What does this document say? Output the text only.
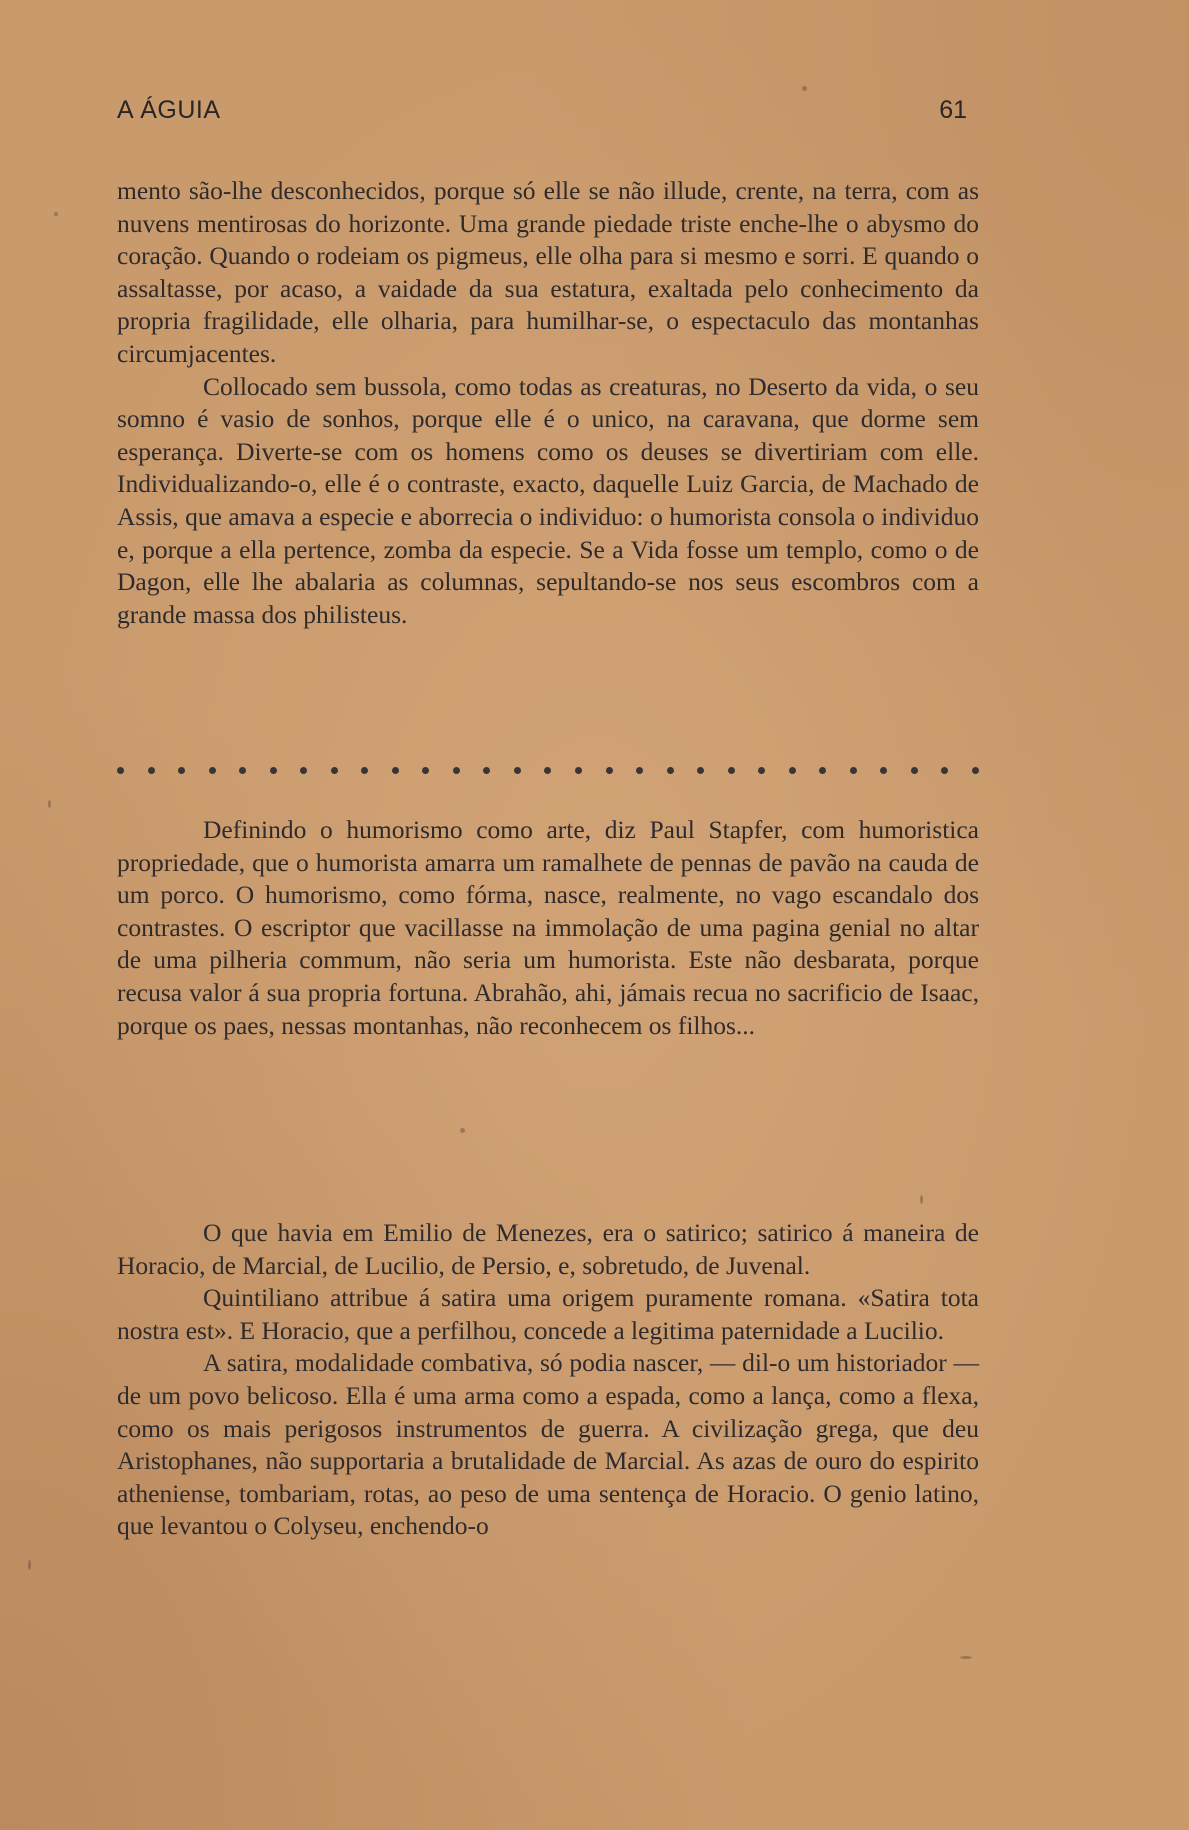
A ÁGUIA	61

mento são-lhe desconhecidos, porque só elle se não illude, crente, na terra, com as nuvens mentirosas do horizonte. Uma grande piedade triste enche-lhe o abysmo do coração. Quando o rodeiam os pigmeus, elle olha para si mesmo e sorri. E quando o assaltasse, por acaso, a vaidade da sua estatura, exaltada pelo conhecimento da propria fragilidade, elle olharia, para humilhar-se, o espectaculo das montanhas circumjacentes.

Collocado sem bussola, como todas as creaturas, no Deserto da vida, o seu somno é vasio de sonhos, porque elle é o unico, na caravana, que dorme sem esperança. Diverte-se com os homens como os deuses se divertiriam com elle. Individualizando-o, elle é o contraste, exacto, daquelle Luiz Garcia, de Machado de Assis, que amava a especie e aborrecia o individuo: o humorista consola o individuo e, porque a ella pertence, zomba da especie. Se a Vida fosse um templo, como o de Dagon, elle lhe abalaria as columnas, sepultando-se nos seus escombros com a grande massa dos philisteus.

Definindo o humorismo como arte, diz Paul Stapfer, com humoristica propriedade, que o humorista amarra um ramalhete de pennas de pavão na cauda de um porco. O humorismo, como fórma, nasce, realmente, no vago escandalo dos contrastes. O escriptor que vacillasse na immolação de uma pagina genial no altar de uma pilheria commum, não seria um humorista. Este não desbarata, porque recusa valor á sua propria fortuna. Abrahão, ahi, jámais recua no sacrificio de Isaac, porque os paes, nessas montanhas, não reconhecem os filhos...

O que havia em Emilio de Menezes, era o satirico; satirico á maneira de Horacio, de Marcial, de Lucilio, de Persio, e, sobretudo, de Juvenal.

Quintiliano attribue á satira uma origem puramente romana. «Satira tota nostra est». E Horacio, que a perfilhou, concede a legitima paternidade a Lucilio.

A satira, modalidade combativa, só podia nascer, — dil-o um historiador — de um povo belicoso. Ella é uma arma como a espada, como a lança, como a flexa, como os mais perigosos instrumentos de guerra. A civilização grega, que deu Aristophanes, não supportaria a brutalidade de Marcial. As azas de ouro do espirito atheniense, tombariam, rotas, ao peso de uma sentença de Horacio. O genio latino, que levantou o Colyseu, enchendo-o
